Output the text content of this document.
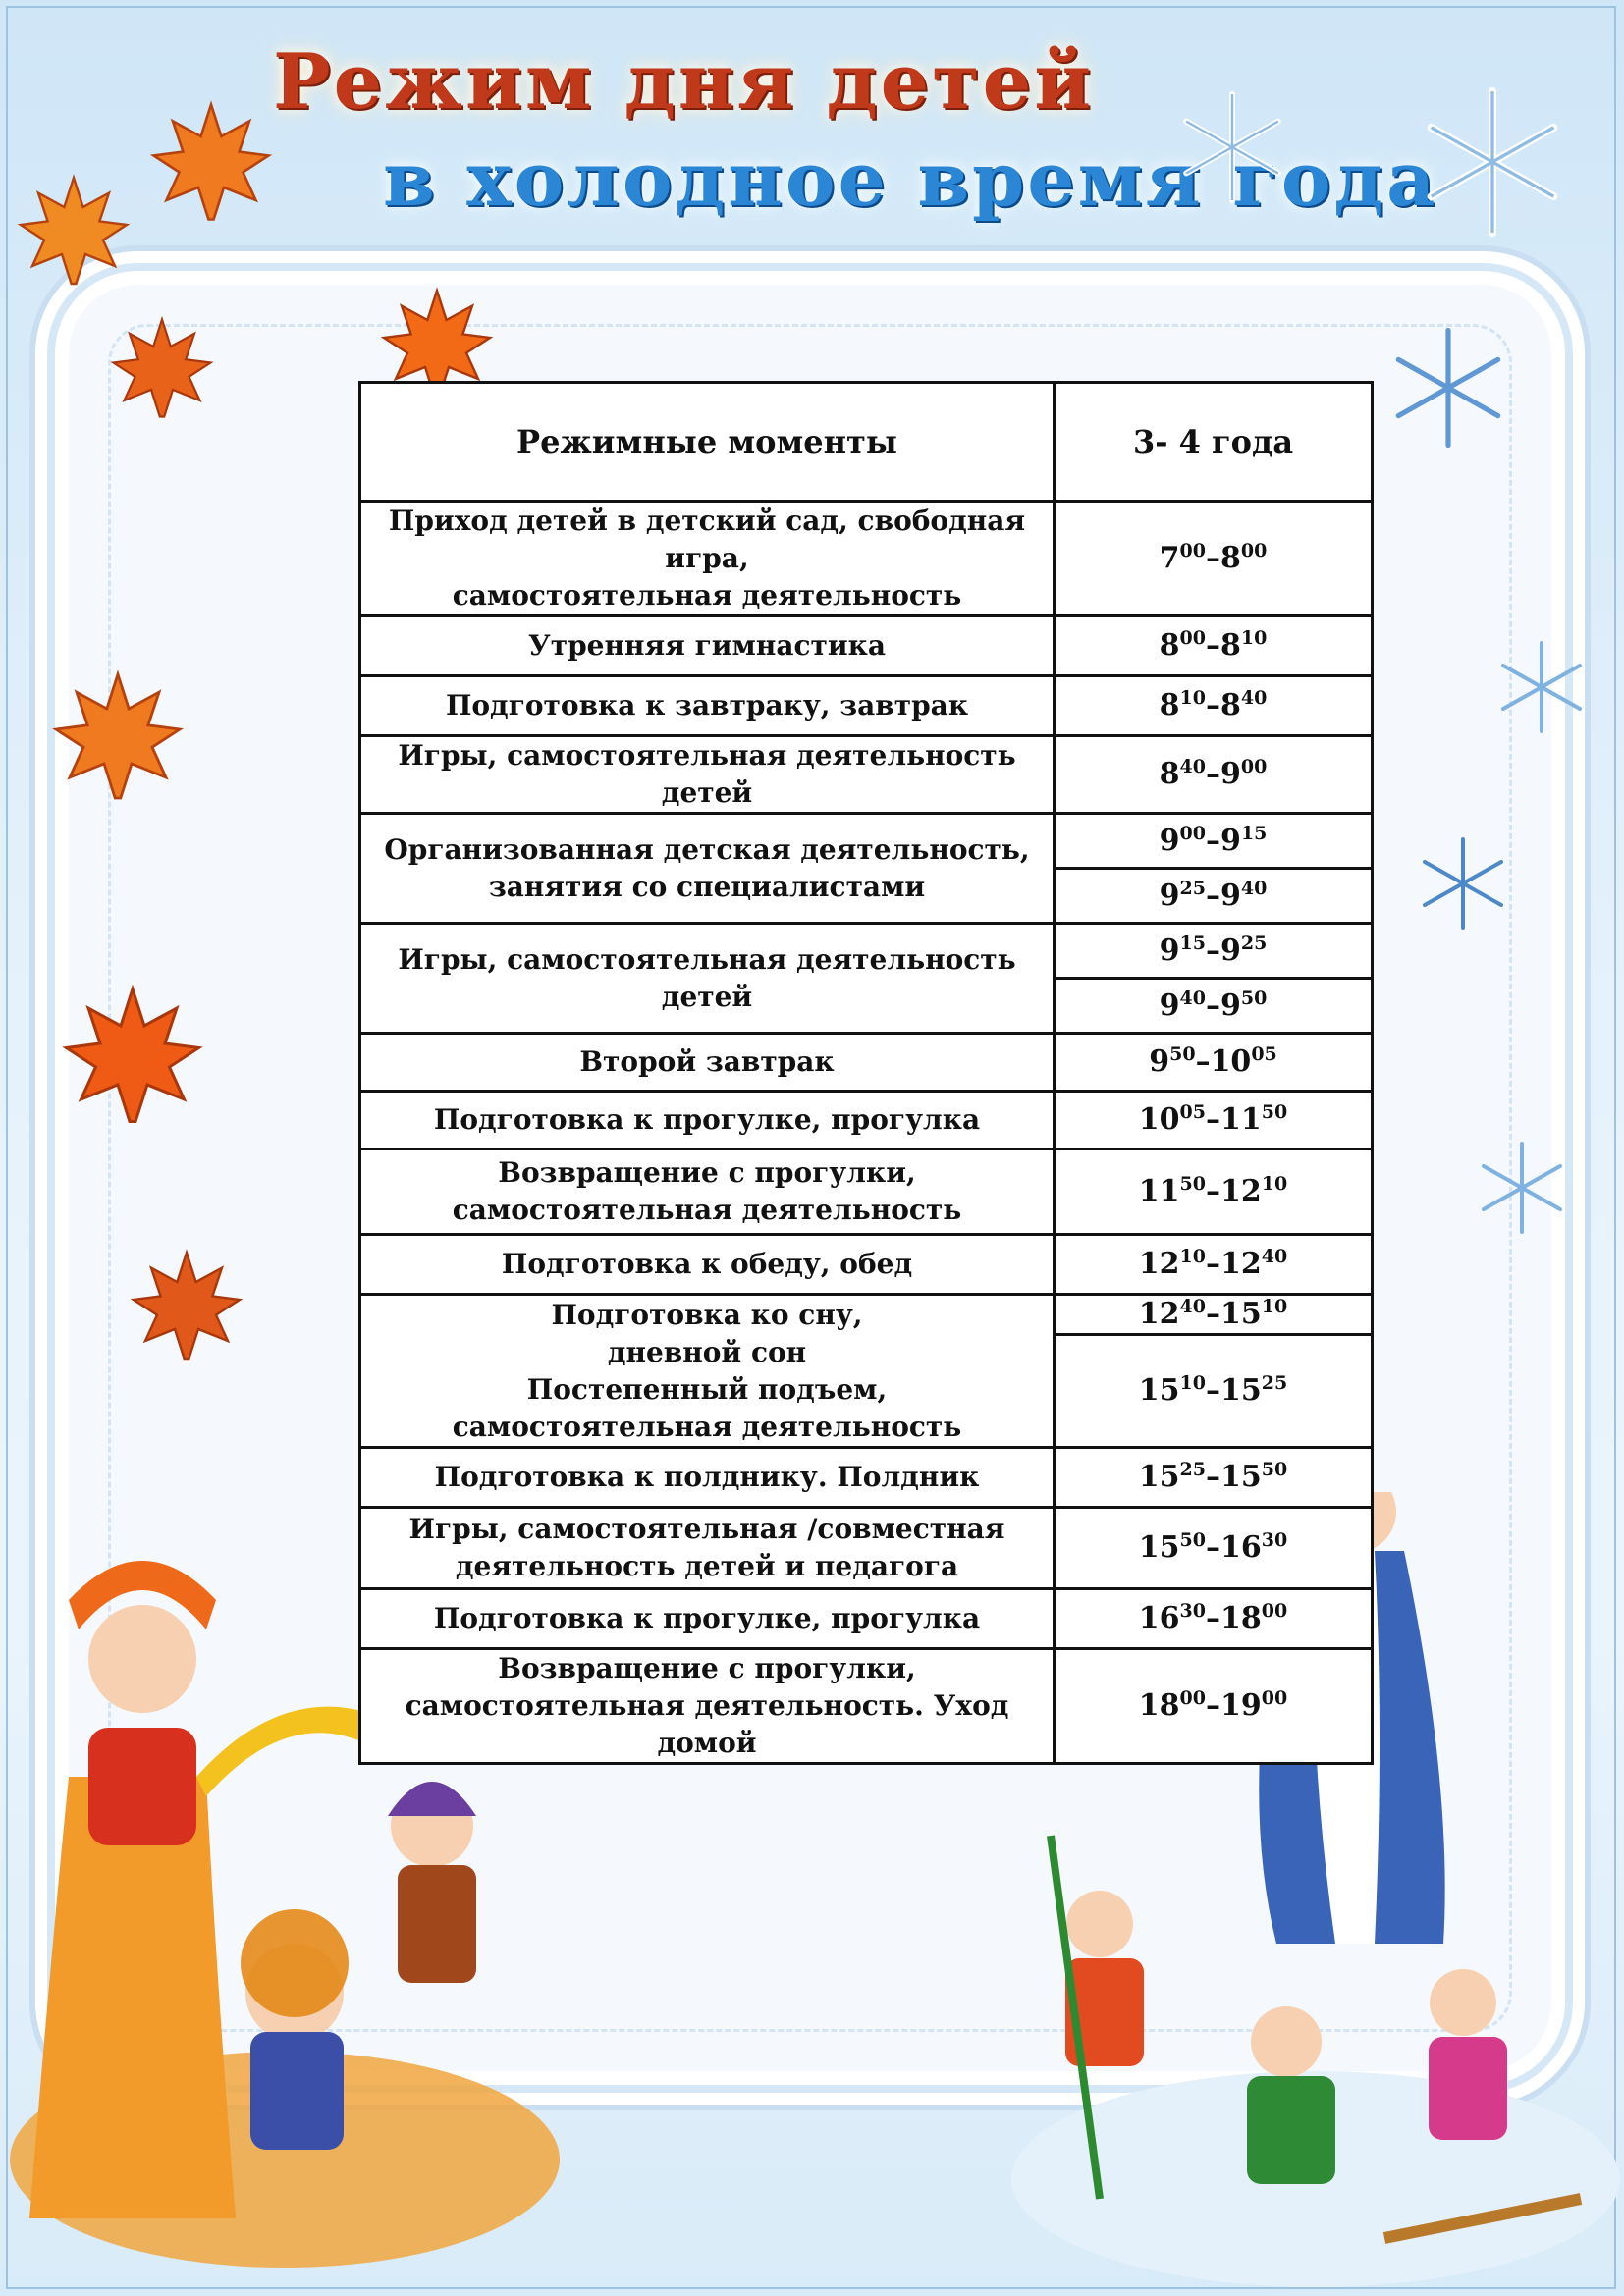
Режим дня детей
в холодное время года
Режимные моменты	3- 4 года

Приход детей в детский сад, свободная игра,
самостоятельная деятельность	$7^{00}-8^{00}$

Утренняя гимнастика	$8^{00}-8^{10}$

Подготовка к завтраку, завтрак	$8^{10}-8^{40}$

Игры, самостоятельная деятельность детей	$8^{40}-9^{00}$

Организованная детская деятельность,
занятия со специалистами	$9^{00}-9^{15}$
	$9^{25}-9^{40}$

Игры, самостоятельная деятельность детей	$9^{15}-9^{25}$
	$9^{40}-9^{50}$

Второй завтрак	$9^{50}-10^{05}$

Подготовка к прогулке, прогулка	$10^{05}-11^{50}$

Возвращение с прогулки,
самостоятельная деятельность	$11^{50}-12^{10}$

Подготовка к обеду, обед	$12^{10}-12^{40}$

Подготовка ко сну,
дневной сон
Постепенный подъем,
самостоятельная деятельность	$12^{40}-15^{10}$
	$15^{10}-15^{25}$

Подготовка к полднику. Полдник	$15^{25}-15^{50}$

Игры, самостоятельная /совместная
деятельность детей и педагога	$15^{50}-16^{30}$

Подготовка к прогулке, прогулка	$16^{30}-18^{00}$

Возвращение с прогулки,
самостоятельная деятельность. Уход домой	$18^{00}-19^{00}$
